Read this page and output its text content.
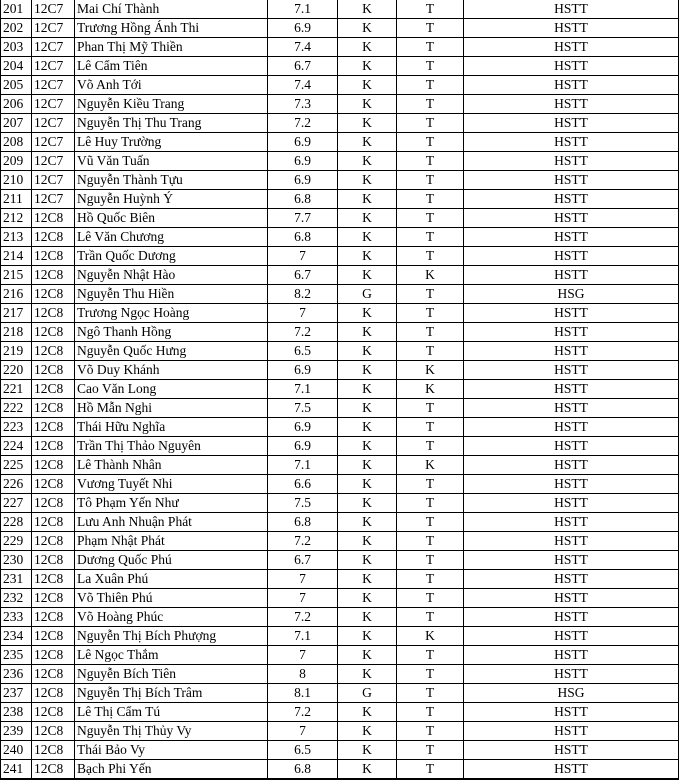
201	12C7	Mai Chí Thành	7.1	K	T	HSTT
202	12C7	Trương Hồng Ánh Thi	6.9	K	T	HSTT
203	12C7	Phan Thị Mỹ Thiền	7.4	K	T	HSTT
204	12C7	Lê Cẩm Tiên	6.7	K	T	HSTT
205	12C7	Võ Anh Tới	7.4	K	T	HSTT
206	12C7	Nguyễn Kiều Trang	7.3	K	T	HSTT
207	12C7	Nguyễn Thị Thu Trang	7.2	K	T	HSTT
208	12C7	Lê Huy Trường	6.9	K	T	HSTT
209	12C7	Vũ Văn Tuấn	6.9	K	T	HSTT
210	12C7	Nguyễn Thành Tựu	6.9	K	T	HSTT
211	12C7	Nguyễn Huỳnh Ý	6.8	K	T	HSTT
212	12C8	Hồ Quốc Biên	7.7	K	T	HSTT
213	12C8	Lê Văn Chương	6.8	K	T	HSTT
214	12C8	Trần Quốc Dương	7	K	T	HSTT
215	12C8	Nguyễn Nhật Hào	6.7	K	K	HSTT
216	12C8	Nguyễn Thu Hiền	8.2	G	T	HSG
217	12C8	Trương Ngọc Hoàng	7	K	T	HSTT
218	12C8	Ngô Thanh Hồng	7.2	K	T	HSTT
219	12C8	Nguyễn Quốc Hưng	6.5	K	T	HSTT
220	12C8	Võ Duy Khánh	6.9	K	K	HSTT
221	12C8	Cao Văn Long	7.1	K	K	HSTT
222	12C8	Hồ Mẫn Nghi	7.5	K	T	HSTT
223	12C8	Thái Hữu Nghĩa	6.9	K	T	HSTT
224	12C8	Trần Thị Thảo Nguyên	6.9	K	T	HSTT
225	12C8	Lê Thành Nhân	7.1	K	K	HSTT
226	12C8	Vương Tuyết Nhi	6.6	K	T	HSTT
227	12C8	Tô Phạm Yến Như	7.5	K	T	HSTT
228	12C8	Lưu Anh Nhuận Phát	6.8	K	T	HSTT
229	12C8	Phạm Nhật Phát	7.2	K	T	HSTT
230	12C8	Dương Quốc Phú	6.7	K	T	HSTT
231	12C8	La Xuân Phú	7	K	T	HSTT
232	12C8	Võ Thiên Phú	7	K	T	HSTT
233	12C8	Võ Hoàng Phúc	7.2	K	T	HSTT
234	12C8	Nguyễn Thị Bích Phượng	7.1	K	K	HSTT
235	12C8	Lê Ngọc Thắm	7	K	T	HSTT
236	12C8	Nguyễn Bích Tiên	8	K	T	HSTT
237	12C8	Nguyễn Thị Bích Trâm	8.1	G	T	HSG
238	12C8	Lê Thị Cẩm Tú	7.2	K	T	HSTT
239	12C8	Nguyễn Thị Thủy Vy	7	K	T	HSTT
240	12C8	Thái Bảo Vy	6.5	K	T	HSTT
241	12C8	Bạch Phi Yến	6.8	K	T	HSTT
